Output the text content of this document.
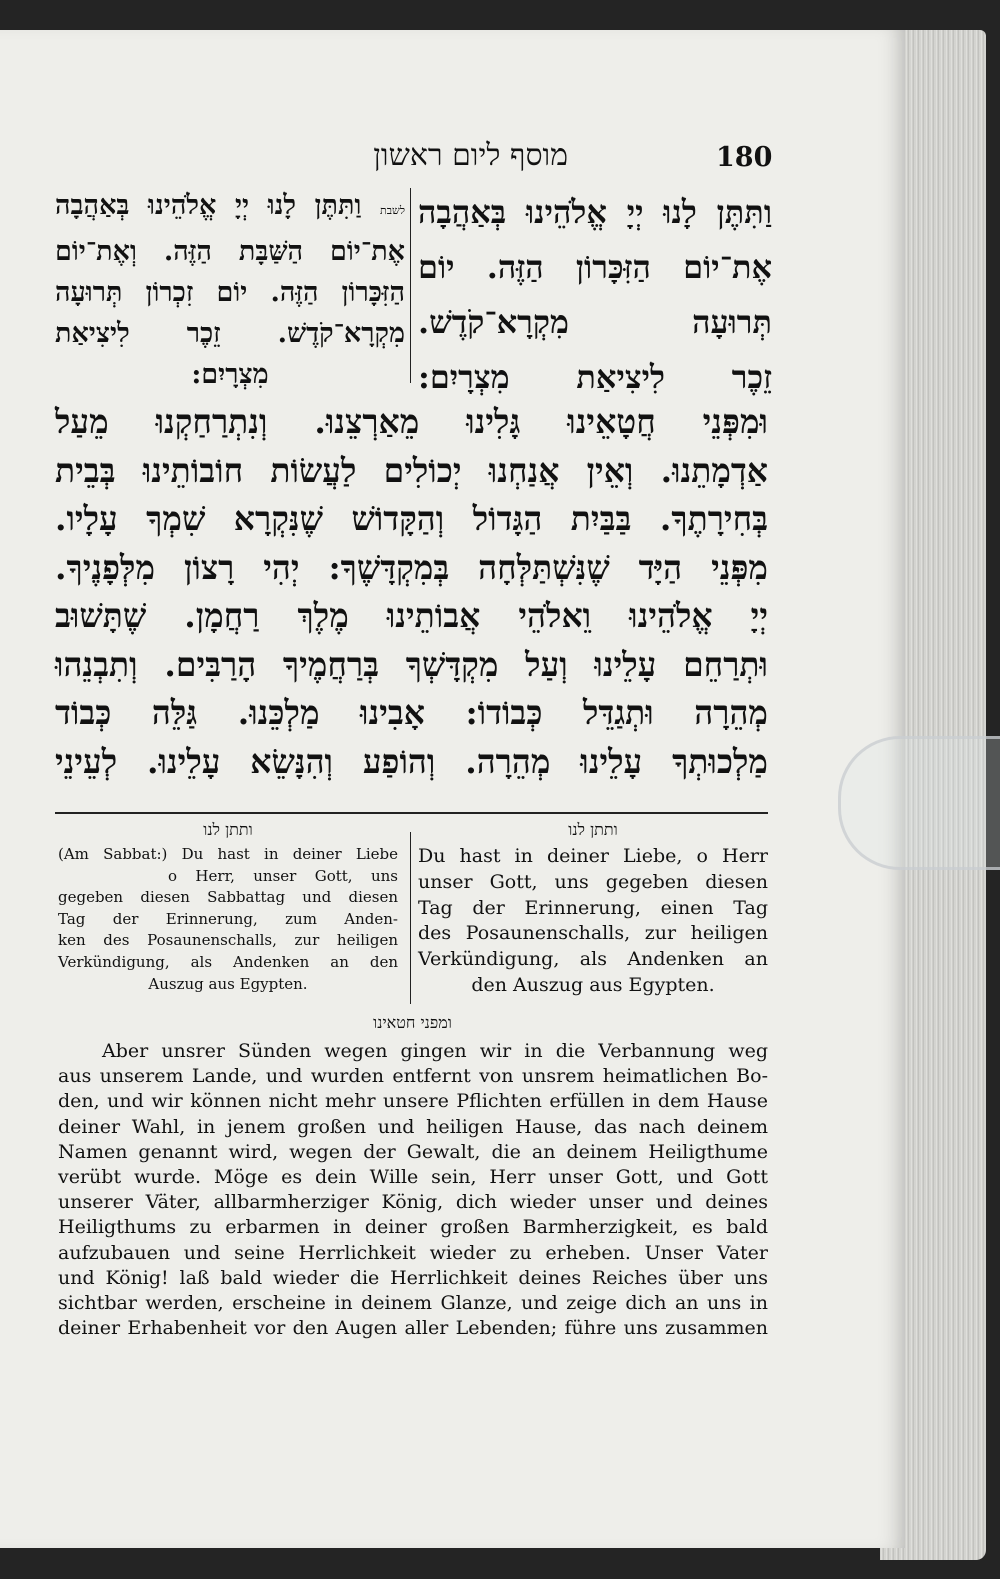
180
מוסף ליום ראשון
וַתִּתֶּן לָנוּ יְיָ אֱלֹהֵינוּ בְּאַהֲבָה
אֶת־יוֹם הַזִּכָּרוֹן הַזֶּה. יוֹם
תְּרוּעָה מִקְרָא־קֹדֶשׁ.
זֵכֶר לִיצִיאַת מִצְרָיִם:
לשבת וַתִּתֶּן לָנוּ יְיָ אֱלֹהֵינוּ בְּאַהֲבָה
אֶת־יוֹם הַשַּׁבָּת הַזֶּה. וְאֶת־יוֹם
הַזִּכָּרוֹן הַזֶּה. יוֹם זִכְרוֹן תְּרוּעָה
מִקְרָא־קֹדֶשׁ. זֵכֶר לִיצִיאַת
מִצְרָיִם:
וּמִפְּנֵי חֲטָאֵינוּ גָּלִינוּ מֵאַרְצֵנוּ. וְנִתְרַחַקְנוּ מֵעַל
אַדְמָתֵנוּ. וְאֵין אֲנַחְנוּ יְכוֹלִים לַעֲשׂוֹת חוֹבוֹתֵינוּ בְּבֵית
בְּחִירָתֶךָ. בַּבַּיִת הַגָּדוֹל וְהַקָּדוֹשׁ שֶׁנִּקְרָא שִׁמְךָ עָלָיו.
מִפְּנֵי הַיָּד שֶׁנִּשְׁתַּלְּחָה בְּמִקְדָּשֶׁךָ: יְהִי רָצוֹן מִלְּפָנֶיךָ.
יְיָ אֱלֹהֵינוּ וֵאלֹהֵי אֲבוֹתֵינוּ מֶלֶךְ רַחֲמָן. שֶׁתָּשׁוּב
וּתְרַחֵם עָלֵינוּ וְעַל מִקְדָּשְׁךָ בְּרַחֲמֶיךָ הָרַבִּים. וְתִבְנֵהוּ
מְהֵרָה וּתְגַדֵּל כְּבוֹדוֹ: אָבִינוּ מַלְכֵּנוּ. גַּלֵּה כְּבוֹד
מַלְכוּתְךָ עָלֵינוּ מְהֵרָה. וְהוֹפַע וְהִנָּשֵׂא עָלֵינוּ. לְעֵינֵי
ותתן לנו
Du hast in deiner Liebe, o Herr
unser Gott, uns gegeben diesen
Tag der Erinnerung, einen Tag
des Posaunenschalls, zur heiligen
Verkündigung, als Andenken an
den Auszug aus Egypten.
ותתן לנו
(Am Sabbat:) Du hast in deiner Liebe
o Herr, unser Gott, uns
gegeben diesen Sabbattag und diesen
Tag der Erinnerung, zum Anden-
ken des Posaunenschalls, zur heiligen
Verkündigung, als Andenken an den
Auszug aus Egypten.
ומפני חטאינו
Aber unsrer Sünden wegen gingen wir in die Verbannung weg
aus unserem Lande, und wurden entfernt von unsrem heimatlichen Bo-
den, und wir können nicht mehr unsere Pflichten erfüllen in dem Hause
deiner Wahl, in jenem großen und heiligen Hause, das nach deinem
Namen genannt wird, wegen der Gewalt, die an deinem Heiligthume
verübt wurde. Möge es dein Wille sein, Herr unser Gott, und Gott
unserer Väter, allbarmherziger König, dich wieder unser und deines
Heiligthums zu erbarmen in deiner großen Barmherzigkeit, es bald
aufzubauen und seine Herrlichkeit wieder zu erheben. Unser Vater
und König! laß bald wieder die Herrlichkeit deines Reiches über uns
sichtbar werden, erscheine in deinem Glanze, und zeige dich an uns in
deiner Erhabenheit vor den Augen aller Lebenden; führe uns zusammen
